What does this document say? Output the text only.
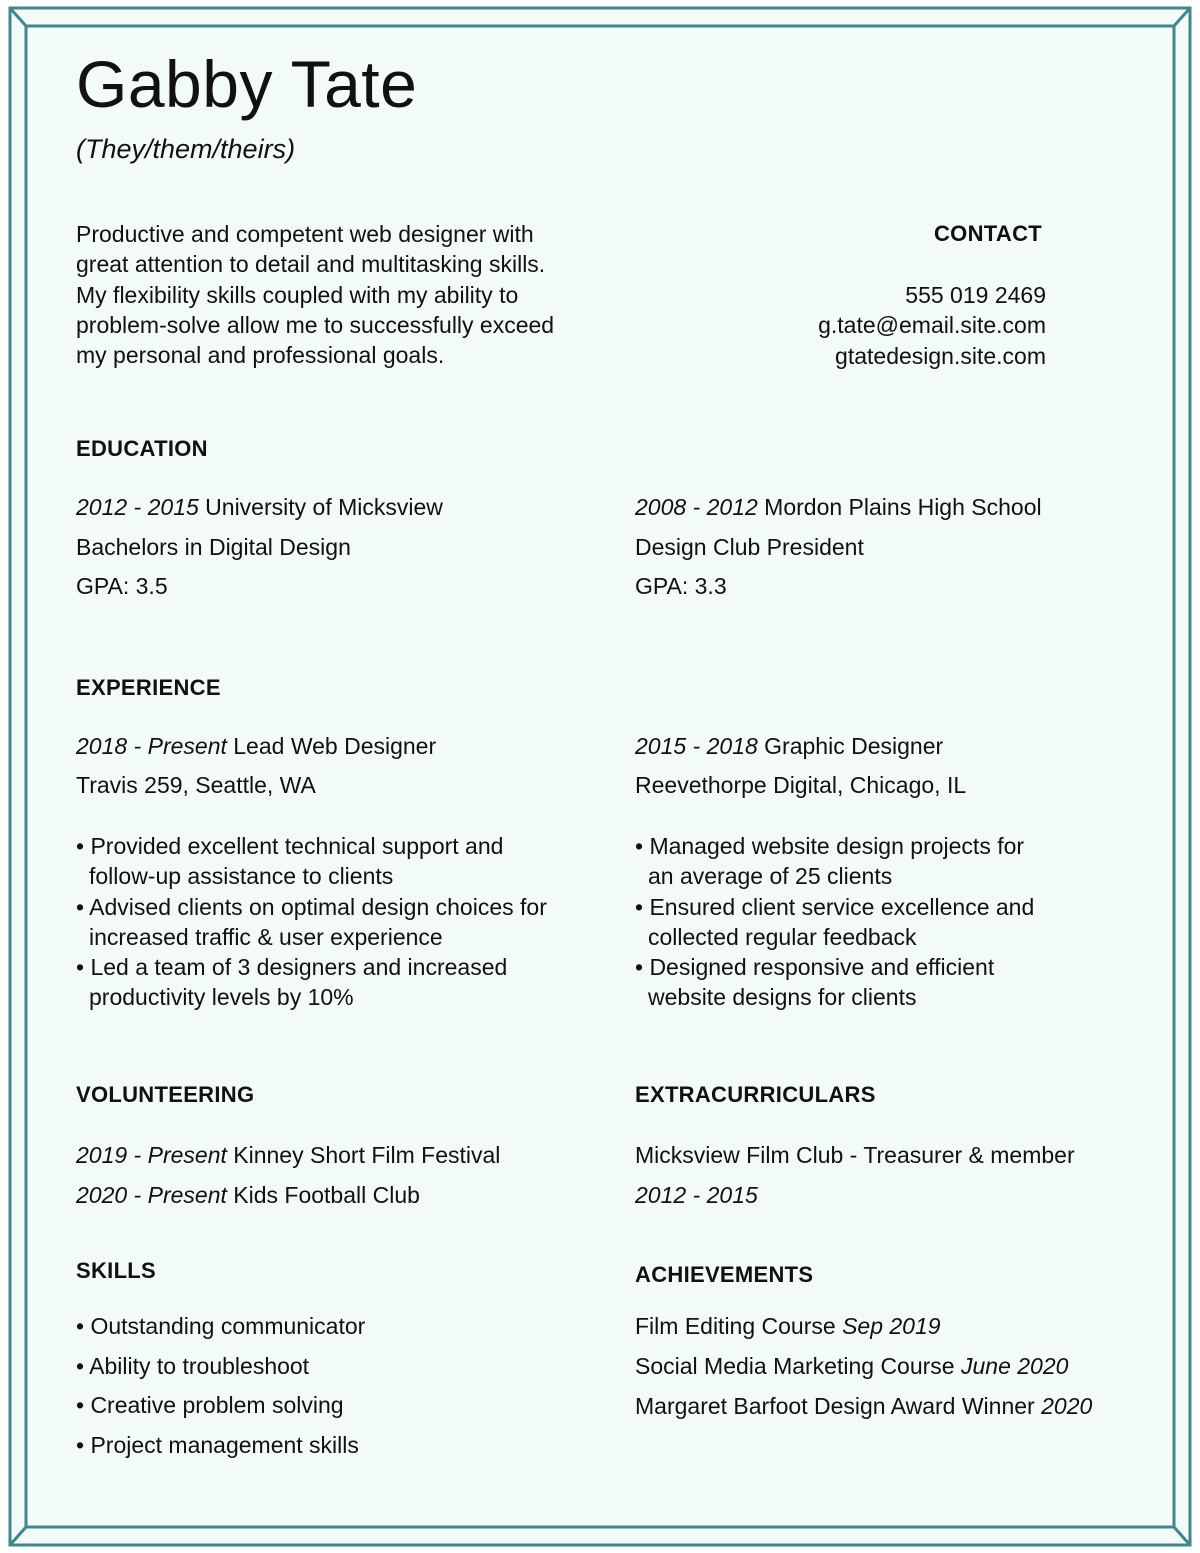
Gabby Tate
(They/them/theirs)
Productive and competent web designer with
great attention to detail and multitasking skills.
My flexibility skills coupled with my ability to
problem-solve allow me to successfully exceed
my personal and professional goals.
CONTACT
555 019 2469
g.tate@email.site.com
gtatedesign.site.com
EDUCATION
2012 - 2015 University of Micksview
Bachelors in Digital Design
GPA: 3.5
2008 - 2012 Mordon Plains High School
Design Club President
GPA: 3.3
EXPERIENCE
2018 - Present Lead Web Designer
Travis 259, Seattle, WA
• Provided excellent technical support and
follow-up assistance to clients
• Advised clients on optimal design choices for
increased traffic & user experience
• Led a team of 3 designers and increased
productivity levels by 10%
2015 - 2018 Graphic Designer
Reevethorpe Digital, Chicago, IL
• Managed website design projects for
an average of 25 clients
• Ensured client service excellence and
collected regular feedback
• Designed responsive and efficient
website designs for clients
VOLUNTEERING
2019 - Present Kinney Short Film Festival
2020 - Present Kids Football Club
EXTRACURRICULARS
Micksview Film Club - Treasurer & member
2012 - 2015
SKILLS
• Outstanding communicator
• Ability to troubleshoot
• Creative problem solving
• Project management skills
ACHIEVEMENTS
Film Editing Course Sep 2019
Social Media Marketing Course June 2020
Margaret Barfoot Design Award Winner 2020
